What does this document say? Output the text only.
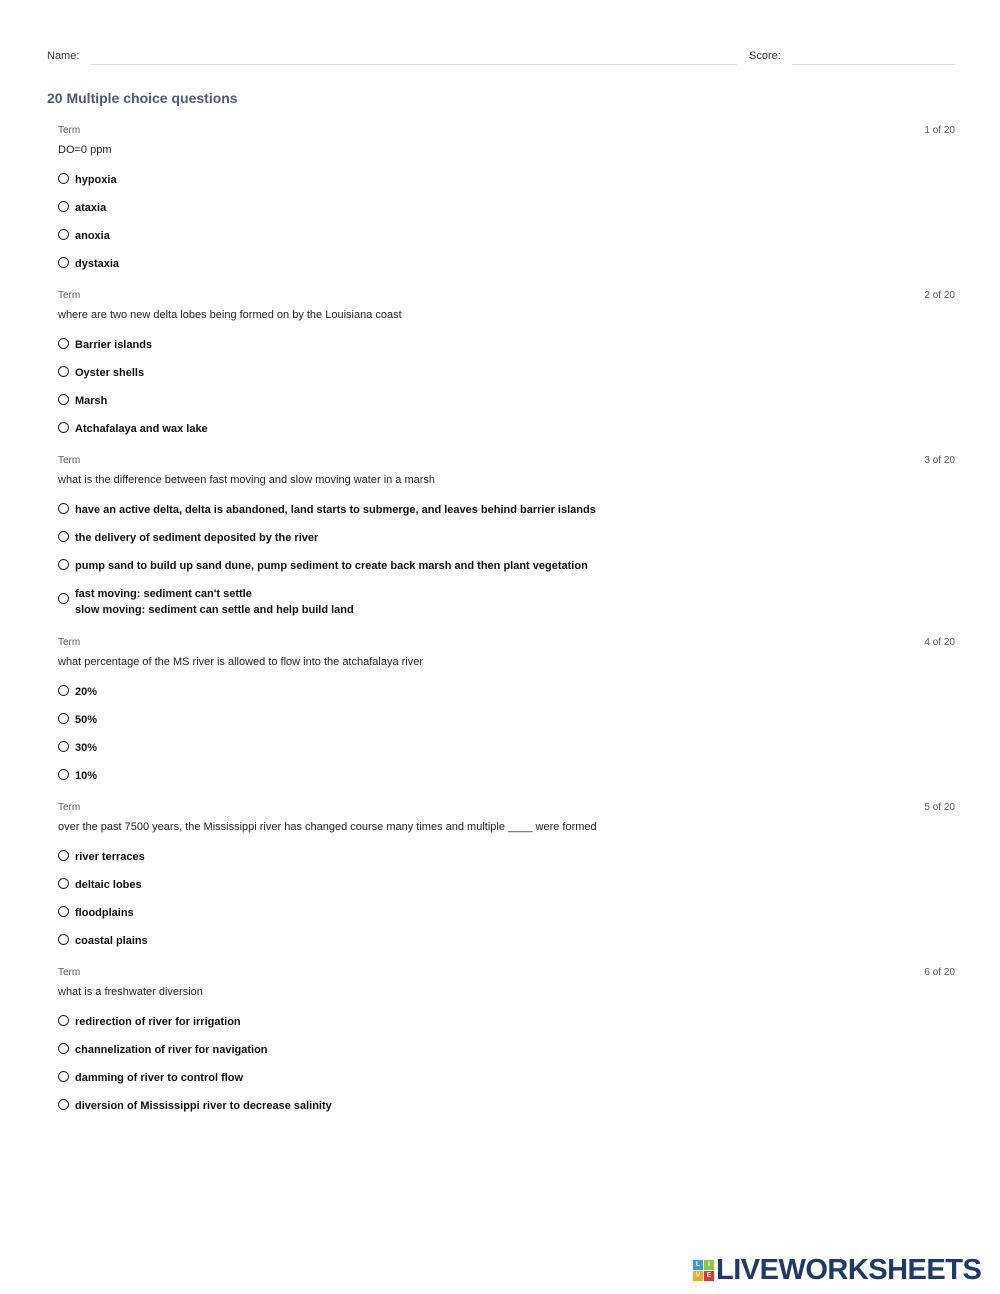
Name:	Score:
20 Multiple choice questions
Term	1 of 20
DO=0 ppm
hypoxia
ataxia
anoxia
dystaxia
Term	2 of 20
where are two new delta lobes being formed on by the Louisiana coast
Barrier islands
Oyster shells
Marsh
Atchafalaya and wax lake
Term	3 of 20
what is the difference between fast moving and slow moving water in a marsh
have an active delta, delta is abandoned, land starts to submerge, and leaves behind barrier islands
the delivery of sediment deposited by the river
pump sand to build up sand dune, pump sediment to create back marsh and then plant vegetation
fast moving: sediment can't settle
slow moving: sediment can settle and help build land
Term	4 of 20
what percentage of the MS river is allowed to flow into the atchafalaya river
20%
50%
30%
10%
Term	5 of 20
over the past 7500 years, the Mississippi river has changed course many times and multiple ____ were formed
river terraces
deltaic lobes
floodplains
coastal plains
Term	6 of 20
what is a freshwater diversion
redirection of river for irrigation
channelization of river for navigation
damming of river to control flow
diversion of Mississippi river to decrease salinity
L	I
V E LIVEWORKSHEETS
